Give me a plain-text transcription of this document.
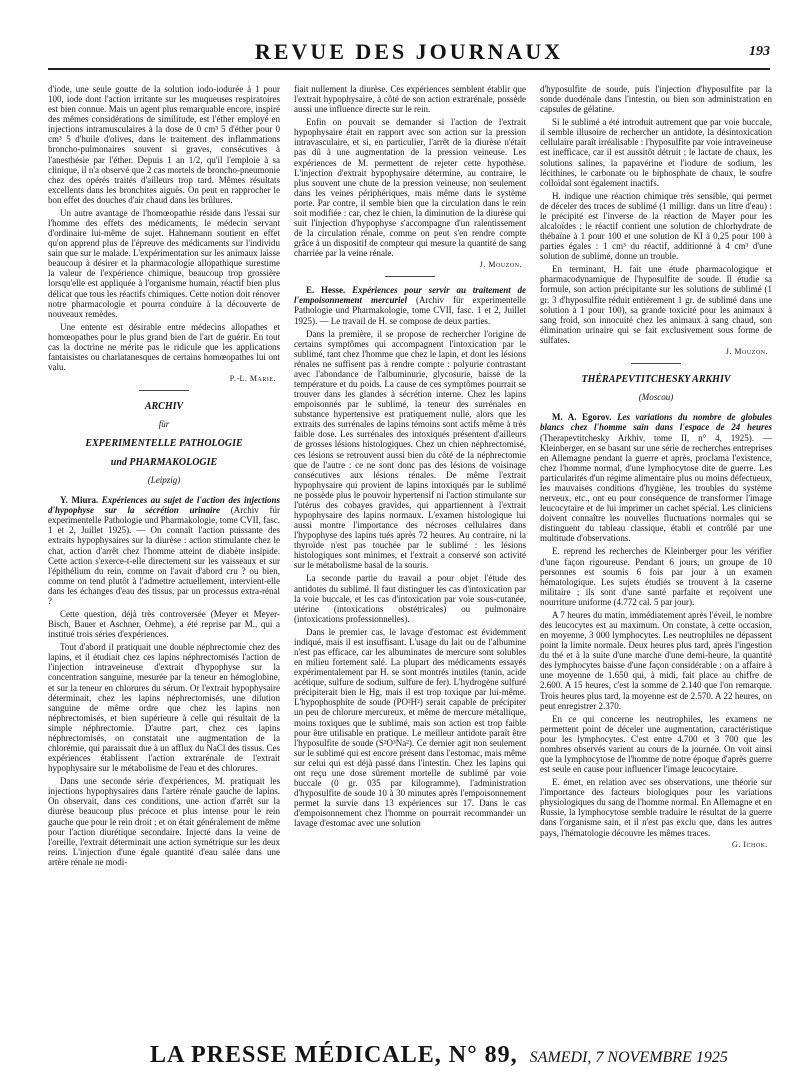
REVUE DES JOURNAUX	193

d'iode, une seule goutte de la solution iodo-iodurée à 1 pour 100, iode dont l'action irritante sur les muqueuses respiratoires est bien connue. Mais un agent plus remarquable encore, inspiré des mêmes considérations de similitude, est l'éther employé en injections intramusculaires à la dose de 0 cm³ 5 d'éther pour 0 cm³ 5 d'huile d'olives, dans le traitement des inflammations broncho-pulmonaires souvent si graves, consécutives à l'anesthésie par l'éther. Depuis 1 an 1/2, qu'il l'emploie à sa clinique, il n'a observé que 2 cas mortels de broncho-pneumonie chez des opérés traités d'ailleurs trop tard. Mêmes résultats excellents dans les bronchites aiguës. On peut en rapprocher le bon effet des douches d'air chaud dans les brûlures.

Un autre avantage de l'homœopathie réside dans l'essai sur l'homme des effets des médicaments, le médecin servant d'ordinaire lui-même de sujet. Hahnemann soutient en effet qu'on apprend plus de l'épreuve des médicaments sur l'individu sain que sur le malade. L'expérimentation sur les animaux laisse beaucoup à désirer et la pharmacologie allopathique surestime la valeur de l'expérience chimique, beaucoup trop grossière lorsqu'elle est appliquée à l'organisme humain, réactif bien plus délicat que tous les réactifs chimiques. Cette notion doit rénover notre pharmacologie et pourra conduire à la découverte de nouveaux remèdes.

Une entente est désirable entre médecins allopathes et homœopathes pour le plus grand bien de l'art de guérir. En tout cas la doctrine ne mérite pas le ridicule que les applications fantaisistes ou charlatanesques de certains homœopathes lui ont valu.

P.-L. Marie.
ARCHIV
für
EXPERIMENTELLE PATHOLOGIE
und PHARMAKOLOGIE
(Leipzig)

Y. Miura. Expériences au sujet de l'action des injections d'hypophyse sur la sécrétion urinaire (Archiv für experimentelle Pathologie und Pharmakologie, tome CVII, fasc. 1 et 2, Juillet 1925). — On connaît l'action puissante des extraits hypophysaires sur la diurèse : action stimulante chez le chat, action d'arrêt chez l'homme atteint de diabète insipide. Cette action s'exerce-t-elle directement sur les vaisseaux et sur l'épithélium du rein, comme on l'avait d'abord cru ? ou bien, comme on tend plutôt à l'admettre actuellement, intervient-elle dans les échanges d'eau des tissus, par un processus extra-rénal ?

Cette question, déjà très controversée (Meyer et Meyer-Bisch, Bauer et Aschner, Oehme), a été reprise par M., qui a institué trois séries d'expériences.

Tout d'abord il pratiquait une double néphrectomie chez des lapins, et il étudiait chez ces lapins néphrectomisés l'action de l'injection intraveineuse d'extrait d'hypophyse sur la concentration sanguine, mesurée par la teneur en hémoglobine, et sur la teneur en chlorures du sérum. Or l'extrait hypophysaire déterminait, chez les lapins néphrectomisés, une dilution sanguine de même ordre que chez les lapins non néphrectomisés, et bien supérieure à celle qui résultait de la simple néphrectomie. D'autre part, chez ces lapins néphrectomisés, on constatait une augmentation de la chlorémie, qui paraissait due à un afflux du NaCl des tissus. Ces expériences établissent l'action extrarénale de l'extrait hypophysaire sur le métabolisme de l'eau et des chlorures.

Dans une seconde série d'expériences, M. pratiquait les injections hypophysaires dans l'artère rénale gauche de lapins. On observait, dans ces conditions, une action d'arrêt sur la diurèse beaucoup plus précoce et plus intense pour le rein gauche que pour le rein droit ; et on était généralement de même pour l'action diurétique secondaire. Injecté dans la veine de l'oreille, l'extrait déterminait une action symétrique sur les deux reins. L'injection d'une égale quantité d'eau salée dans une artère rénale ne modi-

fiait nullement la diurèse. Ces expériences semblent établir que l'extrait hypophysaire, à côté de son action extrarénale, possède aussi une influence directe sur le rein.

Enfin on pouvait se demander si l'action de l'extrait hypophysaire était en rapport avec son action sur la pression intravasculaire, et si, en particulier, l'arrêt de la diurèse n'était pas dû à une augmentation de la pression veineuse. Les expériences de M. permettent de rejeter cette hypothèse. L'injection d'extrait hypophysaire détermine, au contraire, le plus souvent une chute de la pression veineuse, non seulement dans les veines périphériques, mais même dans le système porte. Par contre, il semble bien que la circulation dans le rein soit modifiée : car, chez le chien, la diminution de la diurèse qui suit l'injection d'hypophyse s'accompagne d'un ralentissement de la circulation rénale, comme on peut s'en rendre compte grâce à un dispositif de compteur qui mesure la quantité de sang charriée par la veine rénale.

J. Mouzon.

E. Hesse. Expériences pour servir au traitement de l'empoisonnement mercuriel (Archiv für experimentelle Pathologie und Pharmakologie, tome CVII, fasc. 1 et 2, Juillet 1925). — Le travail de H. se compose de deux parties.

Dans la première, il se propose de rechercher l'origine de certains symptômes qui accompagnent l'intoxication par le sublimé, tant chez l'homme que chez le lapin, et dont les lésions rénales ne suffisent pas à rendre compte : polyurie contrastant avec l'abondance de l'albuminurie, glycosurie, baisse de la température et du poids. La cause de ces symptômes pourrait se trouver dans les glandes à sécrétion interne. Chez les lapins empoisonnés par le sublimé, la teneur des surrénales en substance hypertensive est pratiquement nulle, alors que les extraits des surrénales de lapins témoins sont actifs même à très faible dose. Les surrénales des intoxiqués présentent d'ailleurs de grosses lésions histologiques. Chez un chien néphrectomisé, ces lésions se retrouvent aussi bien du côté de la néphrectomie que de l'autre : ce ne sont donc pas des lésions de voisinage consécutives aux lésions rénales. De même l'extrait hypophysaire qui provient de lapins intoxiqués par le sublimé ne possède plus le pouvoir hypertensif ni l'action stimulante sur l'utérus des cobayes gravides, qui appartiennent à l'extrait hypophysaire des lapins normaux. L'examen histologique lui aussi montre l'importance des nécroses cellulaires dans l'hypophyse des lapins tués après 72 heures. Au contraire, ni la thyroïde n'est pas touchée par le sublimé : les lésions histologiques sont minimes, et l'extrait a conservé son activité sur le métabolisme basal de la souris.

La seconde partie du travail a pour objet l'étude des antidotes du sublimé. Il faut distinguer les cas d'intoxication par la voie buccale, et les cas d'intoxication par voie sous-cutanée, utérine (intoxications obstétricales) ou pulmonaire (intoxications professionnelles).

Dans le premier cas, le lavage d'estomac est évidemment indiqué, mais il est insuffisant. L'usage du lait ou de l'albumine n'est pas efficace, car les albuminates de mercure sont solubles en milieu fortement salé. La plupart des médicaments essayés expérimentalement par H. se sont montrés inutiles (tanin, acide acétique, sulfure de sodium, sulfure de fer). L'hydrogène sulfuré précipiterait bien le Hg, mais il est trop toxique par lui-même. L'hypophosphite de soude (PO²H²) serait capable de précipiter un peu de chlorure mercureux, et même de mercure métallique, moins toxiques que le sublimé, mais son action est trop faible pour être utilisable en pratique. Le meilleur antidote paraît être l'hyposulfite de soude (S²O³Na²). Ce dernier agit non seulement sur le sublimé qui est encore présent dans l'estomac, mais même sur celui qui est déjà passé dans l'intestin. Chez les lapins qui ont reçu une dose sûrement mortelle de sublimé par voie buccale (0 gr. 035 par kilogramme), l'administration d'hyposulfite de soude 10 à 30 minutes après l'empoisonnement permet la survie dans 13 expériences sur 17. Dans le cas d'empoisonnement chez l'homme on pourrait recommander un lavage d'estomac avec une solution

d'hyposulfite de soude, puis l'injection d'hyposulfite par la sonde duodénale dans l'intestin, ou bien son administration en capsules de gélatine.

Si le sublimé a été introduit autrement que par voie buccale, il semble illusoire de rechercher un antidote, la désintoxication cellulaire paraît irréalisable : l'hyposulfite par voie intraveineuse est inefficace, car il est aussitôt détruit ; le lactate de chaux, les solutions salines, la papavérine et l'iodure de sodium, les lécithines, le carbonate ou le biphosphate de chaux, le soufre colloïdal sont également inactifs.

H. indique une réaction chimique très sensible, qui permet de déceler des traces de sublimé (1 milligr. dans un litre d'eau) : le précipité est l'inverse de la réaction de Mayer pour les alcaloïdes : le réactif contient une solution de chlorhydrate de thébaïne à 1 pour 100 et une solution de KI à 0,25 pour 100 à parties égales : 1 cm³ du réactif, additionné à 4 cm³ d'une solution de sublimé, donne un trouble.

En terminant, H. fait une étude pharmacologique et pharmacodynamique de l'hyposulfite de soude. Il étudie sa formule, son action précipitante sur les solutions de sublimé (1 gr. 3 d'hyposulfite réduit entièrement 1 gr. de sublimé dans une solution à 1 pour 100), sa grande toxicité pour les animaux à sang froid, son innocuité chez les animaux à sang chaud, son élimination urinaire qui se fait exclusivement sous forme de sulfates.

J. Mouzon.
THÉRAPEVTITCHESKY ARKHIV
(Moscou)

M. A. Egorov. Les variations du nombre de globules blancs chez l'homme sain dans l'espace de 24 heures (Therapevtitchesky Arkhiv, tome II, n° 4, 1925). — Kleinberger, en se basant sur une série de recherches entreprises en Allemagne pendant la guerre et après, proclama l'existence, chez l'homme normal, d'une lymphocytose dite de guerre. Les particularités d'un régime alimentaire plus ou moins défectueux, les mauvaises conditions d'hygiène, les troubles du système nerveux, etc., ont eu pour conséquence de transformer l'image leucocytaire et de lui imprimer un cachet spécial. Les cliniciens doivent connaître les nouvelles fluctuations normales qui se distinguent du tableau classique, établi et contrôlé par une multitude d'observations.

E. reprend les recherches de Kleinberger pour les vérifier d'une façon rigoureuse. Pendant 6 jours, un groupe de 10 personnes est soumis 6 fois par jour à un examen hématologique. Les sujets étudiés se trouvent à la caserne militaire ; ils sont d'une santé parfaite et reçoivent une nourriture uniforme (4.772 cal. 5 par jour).

A 7 heures du matin, immédiatement après l'éveil, le nombre des leucocytes est au maximum. On constate, à cette occasion, en moyenne, 3 000 lymphocytes. Les neutrophiles ne dépassent point la limite normale. Deux heures plus tard, après l'ingestion du thé et à la suite d'une marche d'une demi-heure, la quantité des lymphocytes baisse d'une façon considérable : on a affaire à une moyenne de 1.650 qui, à midi, fait place au chiffre de 2.600. A 15 heures, c'est la somme de 2.140 que l'on remarque. Trois heures plus tard, la moyenne est de 2.570. A 22 heures, on peut enregistrer 2.370.

En ce qui concerne les neutrophiles, les examens ne permettent point de déceler une augmentation, caractéristique pour les lymphocytes. C'est entre 4.700 et 3 700 que les nombres observés varient au cours de la journée. On voit ainsi que la lymphocytose de l'homme de notre époque d'après guerre est seule en cause pour influencer l'image leucocytaire.

E. émet, en relation avec ses observations, une théorie sur l'importance des facteurs biologiques pour les variations physiologiques du sang de l'homme normal. En Allemagne et en Russie, la lymphocytose semble traduire le résultat de la guerre dans l'organisme sain, et il n'est pas exclu que, dans les autres pays, l'hématologie découvre les mêmes traces.

G. Ichok.
LA PRESSE MÉDICALE, N° 89, SAMEDI, 7 NOVEMBRE 1925
